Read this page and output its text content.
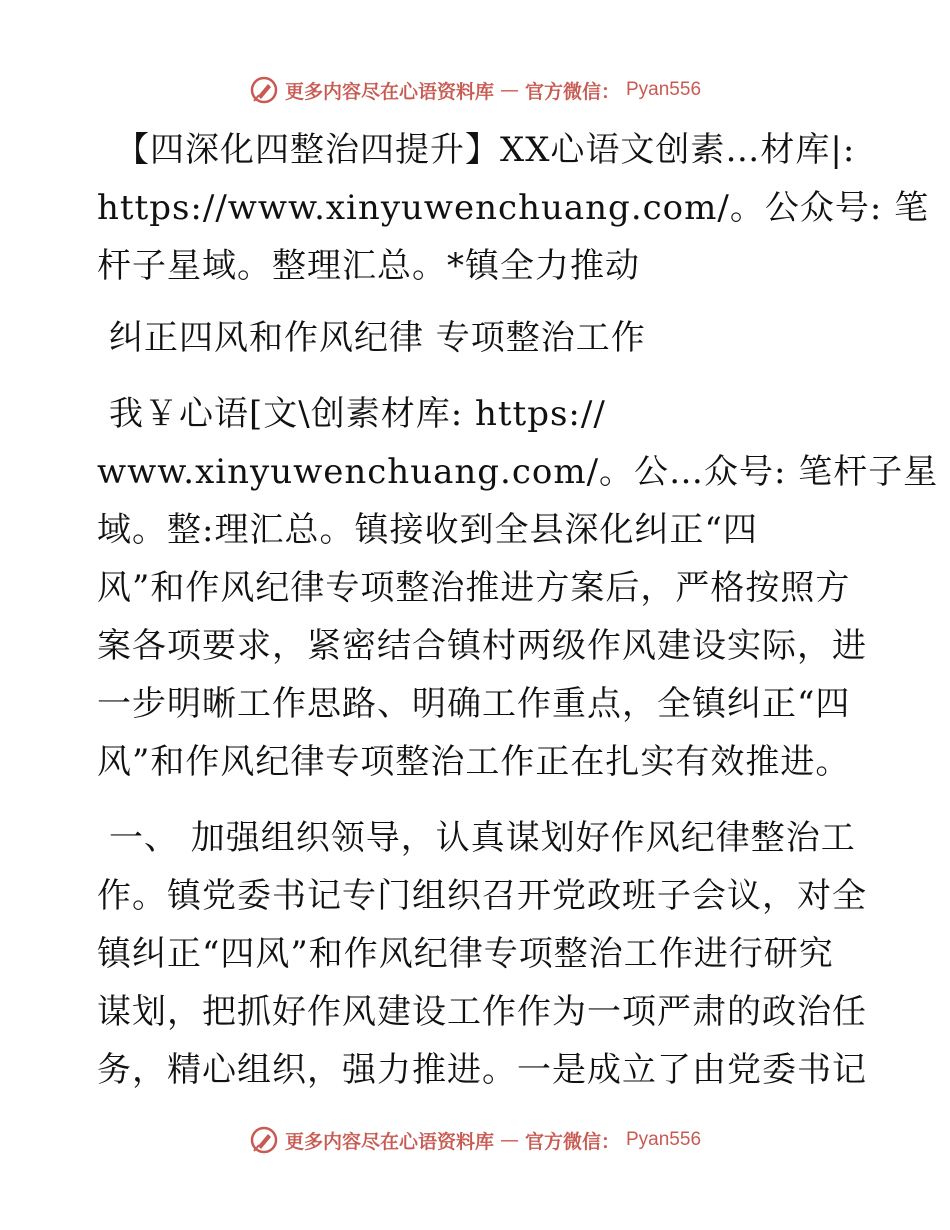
更多内容尽在心语资料库 — 官方微信： Pyan556
【四深化四整治四提升】XX心语文创素…材库|:
https://www.xinyuwenchuang.com/。公众号: 笔
杆子星域。整理汇总。*镇全力推动
纠正四风和作风纪律 专项整治工作
我￥心语[文\创素材库: https://
www.xinyuwenchuang.com/。公…众号: 笔杆子星
域。整:理汇总。镇接收到全县深化纠正“四
风”和作风纪律专项整治推进方案后，严格按照方
案各项要求，紧密结合镇村两级作风建设实际，进
一步明晰工作思路、明确工作重点，全镇纠正“四
风”和作风纪律专项整治工作正在扎实有效推进。
一、 加强组织领导，认真谋划好作风纪律整治工
作。镇党委书记专门组织召开党政班子会议，对全
镇纠正“四风”和作风纪律专项整治工作进行研究
谋划，把抓好作风建设工作作为一项严肃的政治任
务，精心组织，强力推进。一是成立了由党委书记
更多内容尽在心语资料库 — 官方微信： Pyan556
